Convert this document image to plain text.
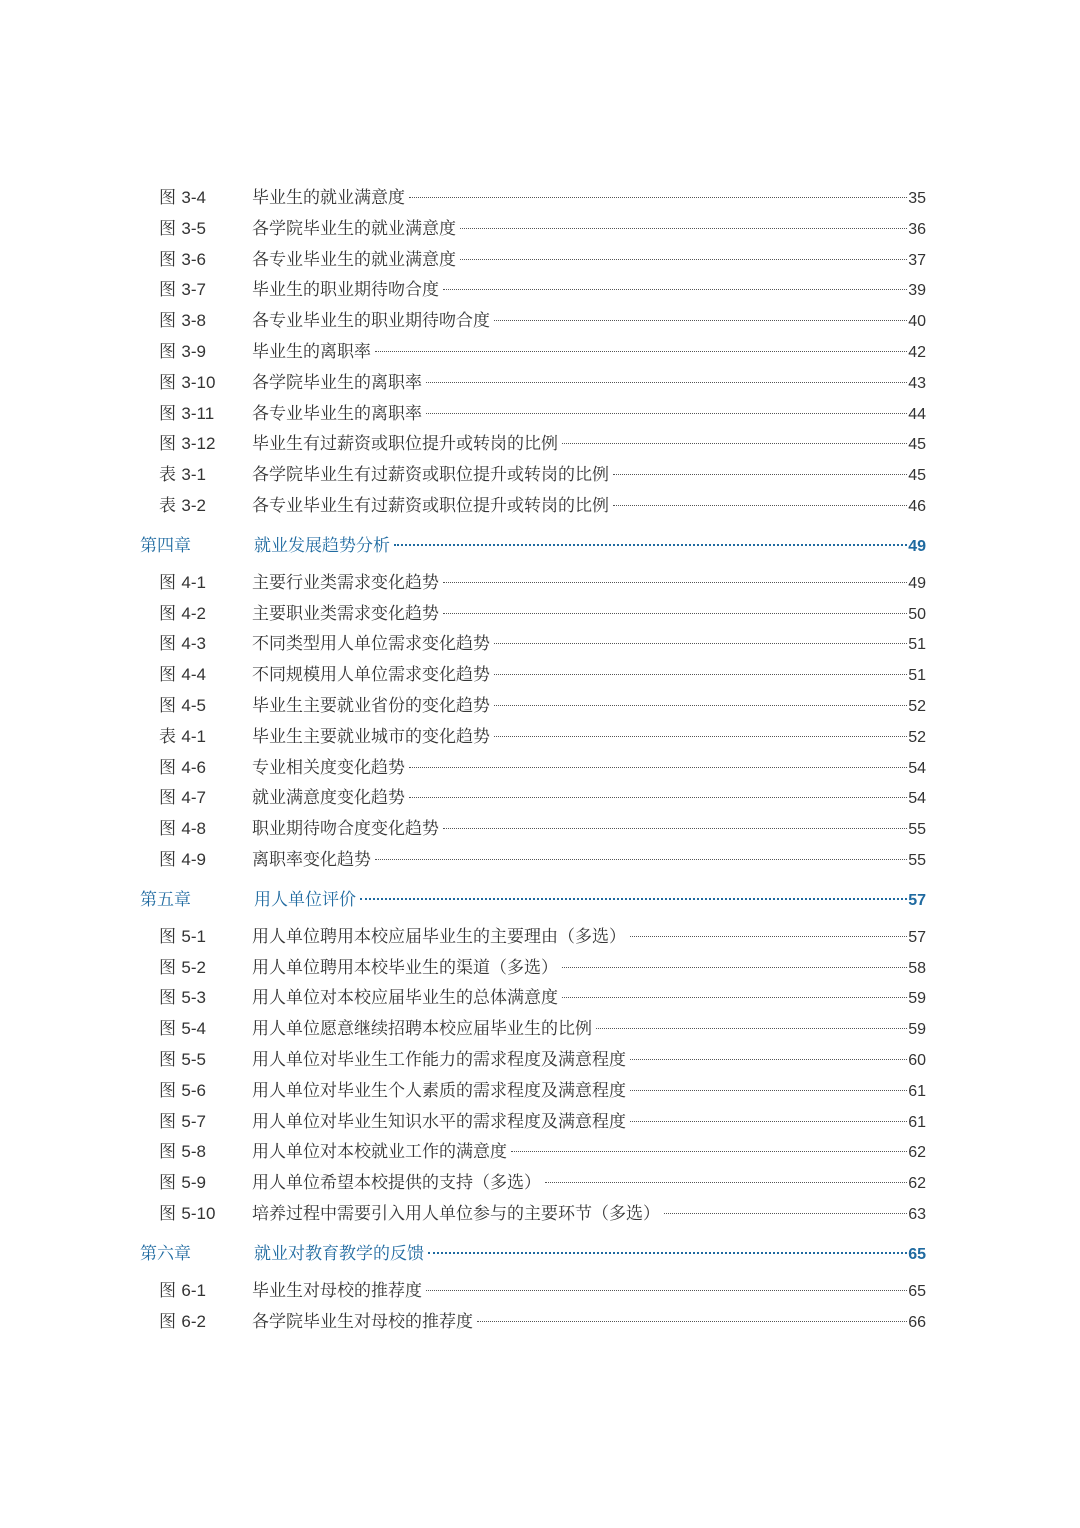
图 3-4	毕业生的就业满意度	35
图 3-5	各学院毕业生的就业满意度	36
图 3-6	各专业毕业生的就业满意度	37
图 3-7	毕业生的职业期待吻合度	39
图 3-8	各专业毕业生的职业期待吻合度	40
图 3-9	毕业生的离职率	42
图 3-10 各学院毕业生的离职率	43
图 3-11 各专业毕业生的离职率	44
图 3-12 毕业生有过薪资或职位提升或转岗的比例	45
表 3-1	各学院毕业生有过薪资或职位提升或转岗的比例	45
表 3-2	各专业毕业生有过薪资或职位提升或转岗的比例	46
第四章	就业发展趋势分析	49
图 4-1	主要行业类需求变化趋势	49
图 4-2	主要职业类需求变化趋势	50
图 4-3	不同类型用人单位需求变化趋势	51
图 4-4	不同规模用人单位需求变化趋势	51
图 4-5	毕业生主要就业省份的变化趋势	52
表 4-1	毕业生主要就业城市的变化趋势	52
图 4-6	专业相关度变化趋势	54
图 4-7	就业满意度变化趋势	54
图 4-8	职业期待吻合度变化趋势	55
图 4-9	离职率变化趋势	55
第五章	用人单位评价	57
图 5-1	用人单位聘用本校应届毕业生的主要理由（多选）	57
图 5-2	用人单位聘用本校毕业生的渠道（多选）	58
图 5-3	用人单位对本校应届毕业生的总体满意度	59
图 5-4	用人单位愿意继续招聘本校应届毕业生的比例	59
图 5-5	用人单位对毕业生工作能力的需求程度及满意程度	60
图 5-6	用人单位对毕业生个人素质的需求程度及满意程度	61
图 5-7	用人单位对毕业生知识水平的需求程度及满意程度	61
图 5-8	用人单位对本校就业工作的满意度	62
图 5-9	用人单位希望本校提供的支持（多选）	62
图 5-10 培养过程中需要引入用人单位参与的主要环节（多选）	63
第六章	就业对教育教学的反馈	65
图 6-1	毕业生对母校的推荐度	65
图 6-2	各学院毕业生对母校的推荐度	66
